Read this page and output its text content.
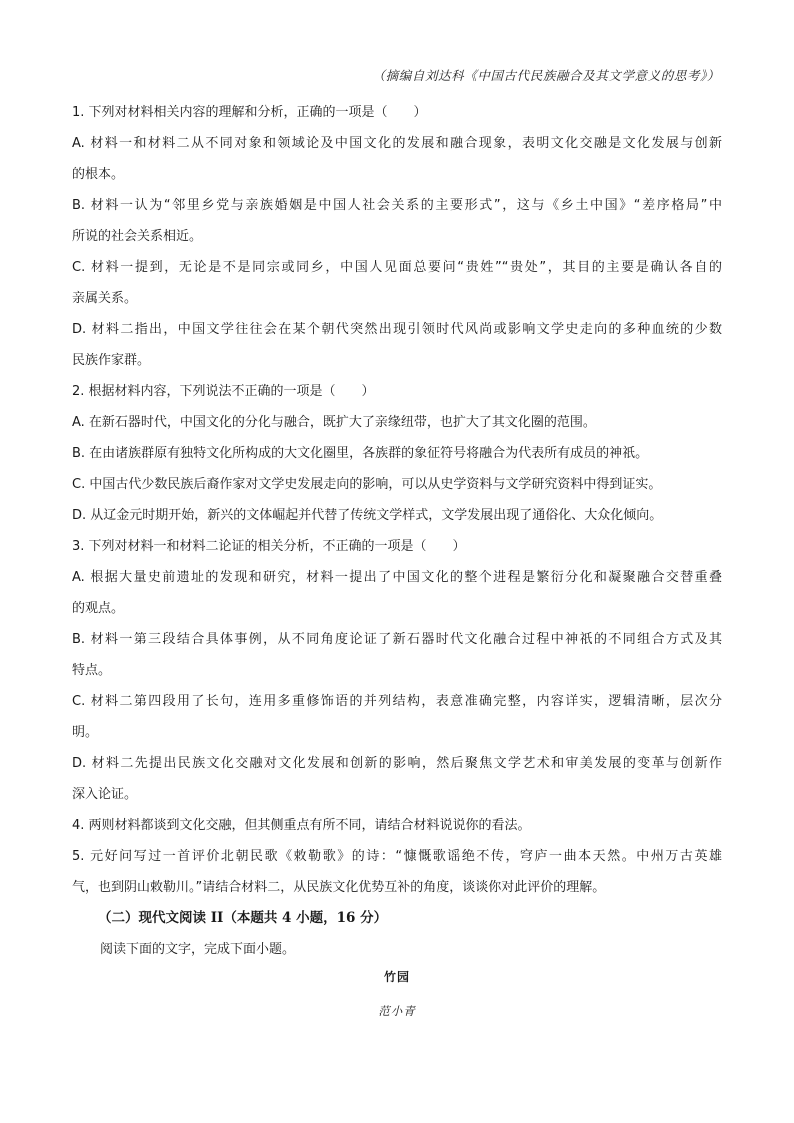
（摘编自刘达科《中国古代民族融合及其文学意义的思考》）
1. 下列对材料相关内容的理解和分析，正确的一项是（　　）
A. 材料一和材料二从不同对象和领域论及中国文化的发展和融合现象，表明文化交融是文化发展与创新
的根本。
B. 材料一认为“邻里乡党与亲族婚姻是中国人社会关系的主要形式”，这与《乡土中国》“差序格局”中
所说的社会关系相近。
C. 材料一提到，无论是不是同宗或同乡，中国人见面总要问“贵姓”“贵处”，其目的主要是确认各自的
亲属关系。
D. 材料二指出，中国文学往往会在某个朝代突然出现引领时代风尚或影响文学史走向的多种血统的少数
民族作家群。
2. 根据材料内容，下列说法不正确的一项是（　　）
A. 在新石器时代，中国文化的分化与融合，既扩大了亲缘纽带，也扩大了其文化圈的范围。
B. 在由诸族群原有独特文化所构成的大文化圈里，各族群的象征符号将融合为代表所有成员的神祇。
C. 中国古代少数民族后裔作家对文学史发展走向的影响，可以从史学资料与文学研究资料中得到证实。
D. 从辽金元时期开始，新兴的文体崛起并代替了传统文学样式，文学发展出现了通俗化、大众化倾向。
3. 下列对材料一和材料二论证的相关分析，不正确的一项是（　　）
A. 根据大量史前遗址的发现和研究，材料一提出了中国文化的整个进程是繁衍分化和凝聚融合交替重叠
的观点。
B. 材料一第三段结合具体事例，从不同角度论证了新石器时代文化融合过程中神祇的不同组合方式及其
特点。
C. 材料二第四段用了长句，连用多重修饰语的并列结构，表意准确完整，内容详实，逻辑清晰，层次分
明。
D. 材料二先提出民族文化交融对文化发展和创新的影响，然后聚焦文学艺术和审美发展的变革与创新作
深入论证。
4. 两则材料都谈到文化交融，但其侧重点有所不同，请结合材料说说你的看法。
5. 元好问写过一首评价北朝民歌《敕勒歌》的诗：“慷慨歌谣绝不传，穹庐一曲本天然。中州万古英雄
气，也到阴山敕勒川。”请结合材料二，从民族文化优势互补的角度，谈谈你对此评价的理解。
（二）现代文阅读 II（本题共 4 小题，16 分）
阅读下面的文字，完成下面小题。
竹园
范小青
